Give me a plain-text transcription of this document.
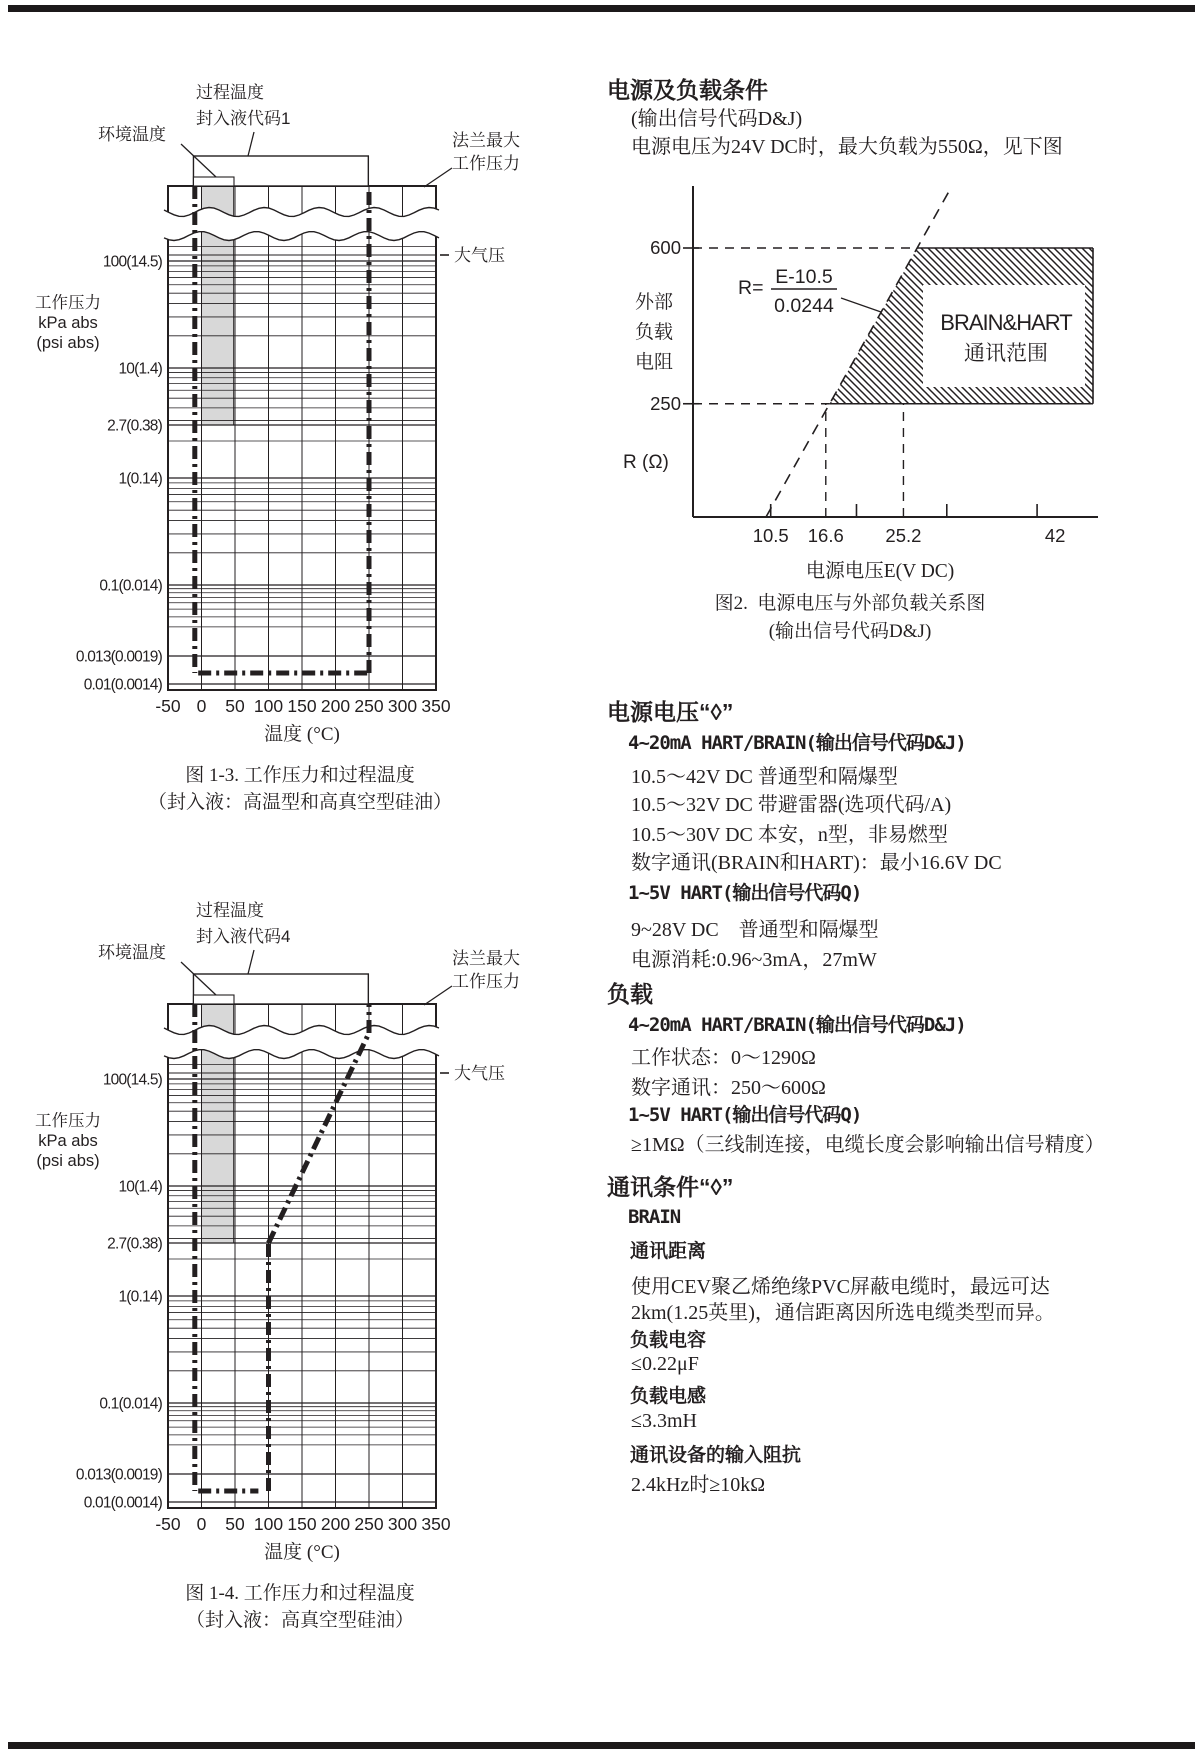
环境温度
过程温度
封入液代码1
法兰最大
工作压力
大气压
100(14.5)
10(1.4)
2.7(0.38)
1(0.14)
0.1(0.014)
0.013(0.0019)
0.01(0.0014)
工作压力
kPa abs
(psi abs)
-50 0 50 100 150 200 250 300 350
温度 (°C)
图 1-3. 工作压力和过程温度
（封入液：高温型和高真空型硅油）
环境温度
过程温度
封入液代码4
法兰最大
工作压力
大气压
100(14.5)
10(1.4)
2.7(0.38)
1(0.14)
0.1(0.014)
0.013(0.0019)
0.01(0.0014)
工作压力
kPa abs
(psi abs)
-50 0 50 100 150 200 250 300 350
温度 (°C)
图 1-4. 工作压力和过程温度
（封入液：高真空型硅油）
电源及负载条件
(输出信号代码D&J)
电源电压为24V DC时，最大负载为550Ω，见下图
BRAIN&HART
通讯范围
600
250
外部
负载
电阻
R (Ω)
10.5 16.6 25.2	42
电源电压E(V DC)
R= E-10.5
0.0244
图2.  电源电压与外部负载关系图
(输出信号代码D&J)
电源电压“◊”
4~20mA HART/BRAIN(输出信号代码D&J)
10.5～42V DC 普通型和隔爆型
10.5～32V DC 带避雷器(选项代码/A)
10.5～30V DC 本安，n型，非易燃型
数字通讯(BRAIN和HART)：最小16.6V DC
1~5V HART(输出信号代码Q)
9~28V DC　普通型和隔爆型
电源消耗:0.96~3mA，27mW
负载
4~20mA HART/BRAIN(输出信号代码D&J)
工作状态：0～1290Ω
数字通讯：250～600Ω
1~5V HART(输出信号代码Q)
≥1MΩ（三线制连接，电缆长度会影响输出信号精度）
通讯条件“◊”
BRAIN
通讯距离
使用CEV聚乙烯绝缘PVC屏蔽电缆时，最远可达
2km(1.25英里)，通信距离因所选电缆类型而异。
负载电容
≤0.22μF
负载电感
≤3.3mH
通讯设备的输入阻抗
2.4kHz时≥10kΩ
